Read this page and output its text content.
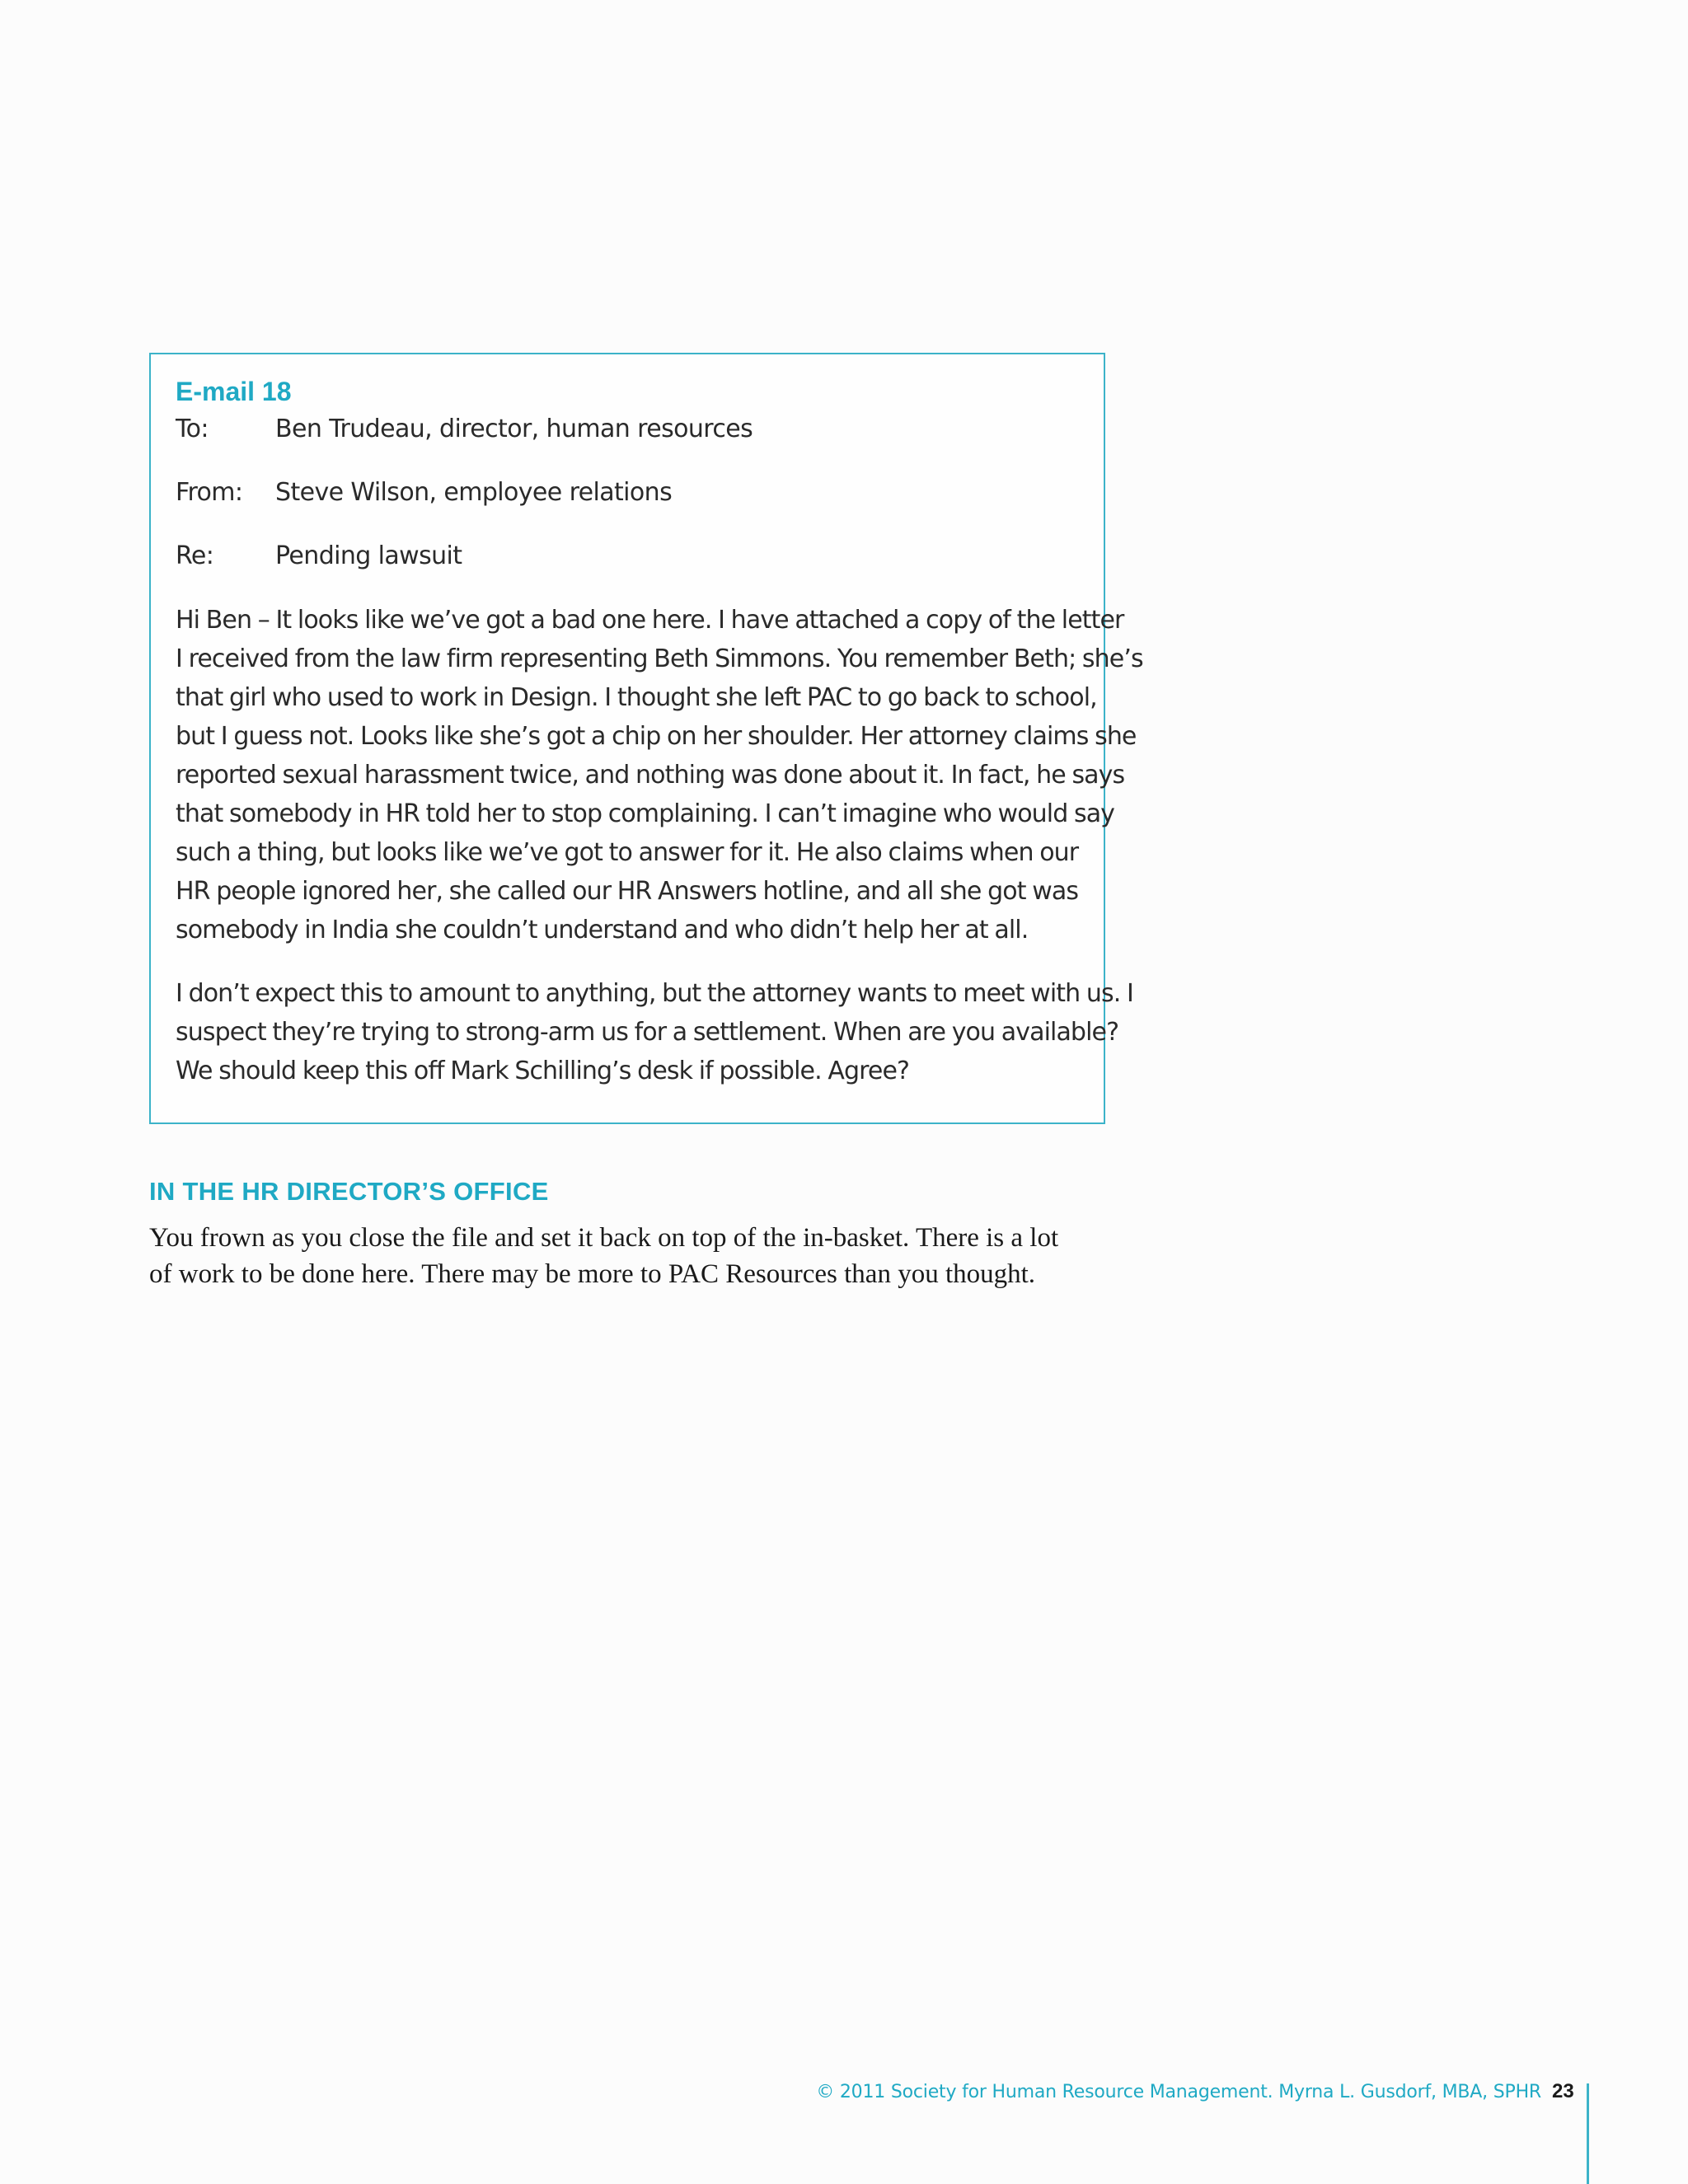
E-mail 18
To:	Ben Trudeau, director, human resources
From:	Steve Wilson, employee relations
Re:	Pending lawsuit

Hi Ben – It looks like we’ve got a bad one here. I have attached a copy of the letter
I received from the law firm representing Beth Simmons. You remember Beth; she’s
that girl who used to work in Design. I thought she left PAC to go back to school,
but I guess not. Looks like she’s got a chip on her shoulder. Her attorney claims she
reported sexual harassment twice, and nothing was done about it. In fact, he says
that somebody in HR told her to stop complaining. I can’t imagine who would say
such a thing, but looks like we’ve got to answer for it. He also claims when our
HR people ignored her, she called our HR Answers hotline, and all she got was
somebody in India she couldn’t understand and who didn’t help her at all.

I don’t expect this to amount to anything, but the attorney wants to meet with us. I
suspect they’re trying to strong-arm us for a settlement. When are you available?
We should keep this off Mark Schilling’s desk if possible. Agree?

IN THE HR DIRECTOR’S OFFICE

You frown as you close the file and set it back on top of the in-basket. There is a lot
of work to be done here. There may be more to PAC Resources than you thought.

© 2011 Society for Human Resource Management. Myrna L. Gusdorf, MBA, SPHR 23
